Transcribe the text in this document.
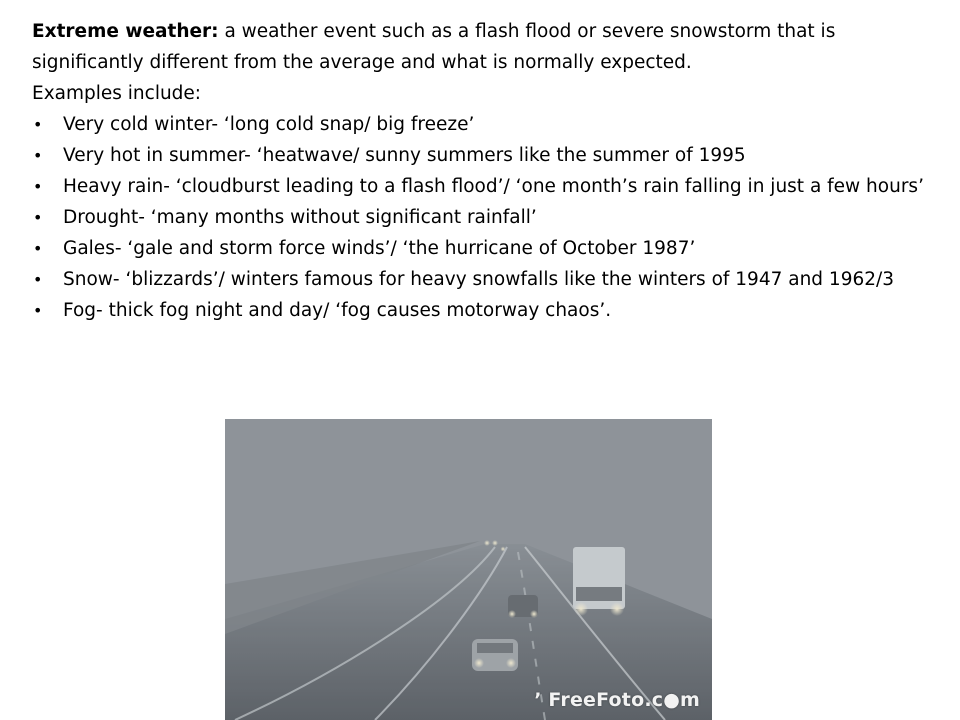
Extreme weather: a weather event such as a flash flood or severe snowstorm that is significantly different from the average and what is normally expected.
Examples include:
• Very cold winter- ‘long cold snap/ big freeze’
• Very hot in summer- ‘heatwave/ sunny summers like the summer of 1995
• Heavy rain- ‘cloudburst leading to a flash flood’/ ‘one month’s rain falling in just a few hours’
• Drought- ‘many months without significant rainfall’
• Gales- ‘gale and storm force winds’/ ‘the hurricane of October 1987’
• Snow- ‘blizzards’/ winters famous for heavy snowfalls like the winters of 1947 and 1962/3
• Fog- thick fog night and day/ ‘fog causes motorway chaos’.
’ FreeFoto.c●m
